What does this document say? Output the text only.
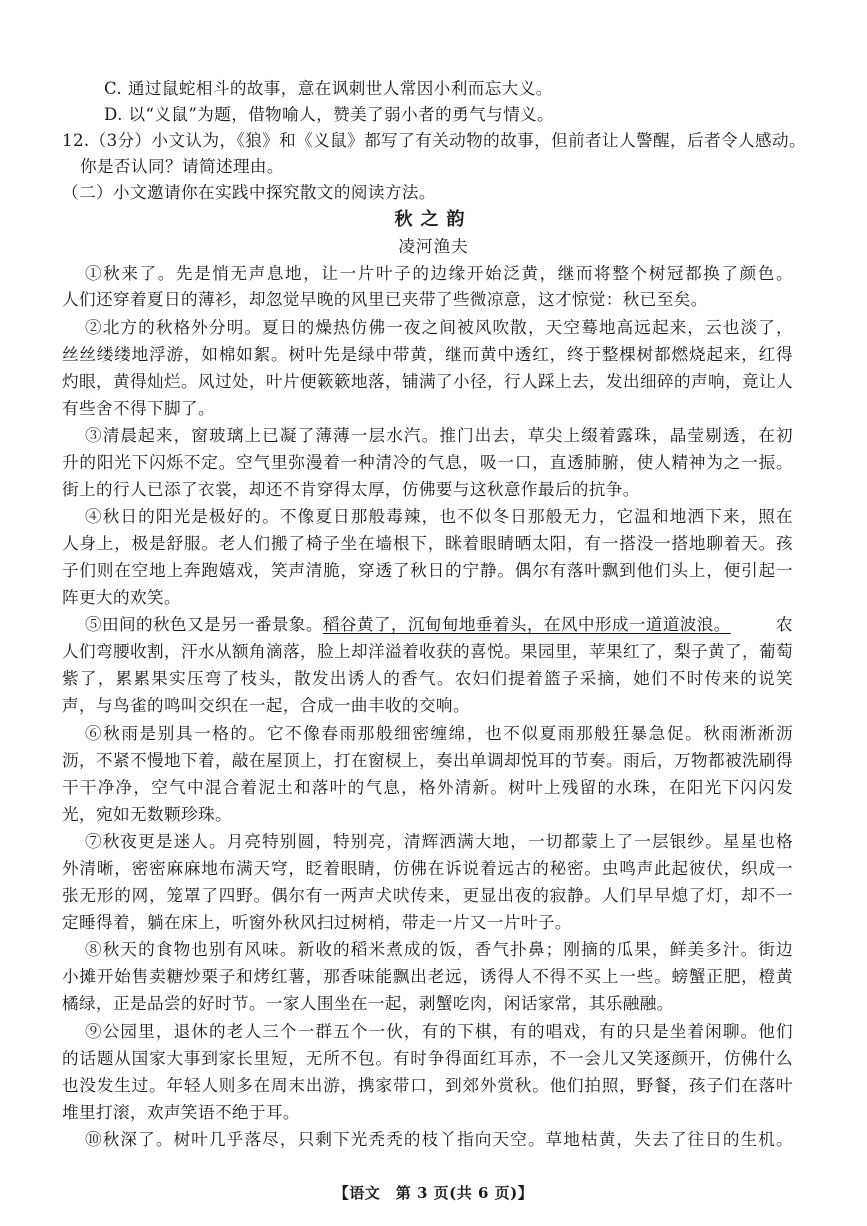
C. 通过鼠蛇相斗的故事，意在讽刺世人常因小利而忘大义。
D. 以“义鼠”为题，借物喻人，赞美了弱小者的勇气与情义。
12.（3分）小文认为，《狼》和《义鼠》都写了有关动物的故事，但前者让人警醒，后者令人感动。
你是否认同？请简述理由。
（二）小文邀请你在实践中探究散文的阅读方法。
秋之韵
凌河渔夫
①秋来了。先是悄无声息地，让一片叶子的边缘开始泛黄，继而将整个树冠都换了颜色。
人们还穿着夏日的薄衫，却忽觉早晚的风里已夹带了些微凉意，这才惊觉：秋已至矣。
②北方的秋格外分明。夏日的燥热仿佛一夜之间被风吹散，天空蓦地高远起来，云也淡了，
丝丝缕缕地浮游，如棉如絮。树叶先是绿中带黄，继而黄中透红，终于整棵树都燃烧起来，红得
灼眼，黄得灿烂。风过处，叶片便簌簌地落，铺满了小径，行人踩上去，发出细碎的声响，竟让人
有些舍不得下脚了。
③清晨起来，窗玻璃上已凝了薄薄一层水汽。推门出去，草尖上缀着露珠，晶莹剔透，在初
升的阳光下闪烁不定。空气里弥漫着一种清冷的气息，吸一口，直透肺腑，使人精神为之一振。
街上的行人已添了衣裳，却还不肯穿得太厚，仿佛要与这秋意作最后的抗争。
④秋日的阳光是极好的。不像夏日那般毒辣，也不似冬日那般无力，它温和地洒下来，照在
人身上，极是舒服。老人们搬了椅子坐在墙根下，眯着眼睛晒太阳，有一搭没一搭地聊着天。孩
子们则在空地上奔跑嬉戏，笑声清脆，穿透了秋日的宁静。偶尔有落叶飘到他们头上，便引起一
阵更大的欢笑。
⑤田间的秋色又是另一番景象。稻谷黄了，沉甸甸地垂着头，在风中形成一道道波浪。	农
人们弯腰收割，汗水从额角滴落，脸上却洋溢着收获的喜悦。果园里，苹果红了，梨子黄了，葡萄
紫了，累累果实压弯了枝头，散发出诱人的香气。农妇们提着篮子采摘，她们不时传来的说笑
声，与鸟雀的鸣叫交织在一起，合成一曲丰收的交响。
⑥秋雨是别具一格的。它不像春雨那般细密缠绵，也不似夏雨那般狂暴急促。秋雨淅淅沥
沥，不紧不慢地下着，敲在屋顶上，打在窗棂上，奏出单调却悦耳的节奏。雨后，万物都被洗刷得
干干净净，空气中混合着泥土和落叶的气息，格外清新。树叶上残留的水珠，在阳光下闪闪发
光，宛如无数颗珍珠。
⑦秋夜更是迷人。月亮特别圆，特别亮，清辉洒满大地，一切都蒙上了一层银纱。星星也格
外清晰，密密麻麻地布满天穹，眨着眼睛，仿佛在诉说着远古的秘密。虫鸣声此起彼伏，织成一
张无形的网，笼罩了四野。偶尔有一两声犬吠传来，更显出夜的寂静。人们早早熄了灯，却不一
定睡得着，躺在床上，听窗外秋风扫过树梢，带走一片又一片叶子。
⑧秋天的食物也别有风味。新收的稻米煮成的饭，香气扑鼻；刚摘的瓜果，鲜美多汁。街边
小摊开始售卖糖炒栗子和烤红薯，那香味能飘出老远，诱得人不得不买上一些。螃蟹正肥，橙黄
橘绿，正是品尝的好时节。一家人围坐在一起，剥蟹吃肉，闲话家常，其乐融融。
⑨公园里，退休的老人三个一群五个一伙，有的下棋，有的唱戏，有的只是坐着闲聊。他们
的话题从国家大事到家长里短，无所不包。有时争得面红耳赤，不一会儿又笑逐颜开，仿佛什么
也没发生过。年轻人则多在周末出游，携家带口，到郊外赏秋。他们拍照，野餐，孩子们在落叶
堆里打滚，欢声笑语不绝于耳。
⑩秋深了。树叶几乎落尽，只剩下光秃秃的枝丫指向天空。草地枯黄，失去了往日的生机。
【语文　第 3 页(共 6 页)】
